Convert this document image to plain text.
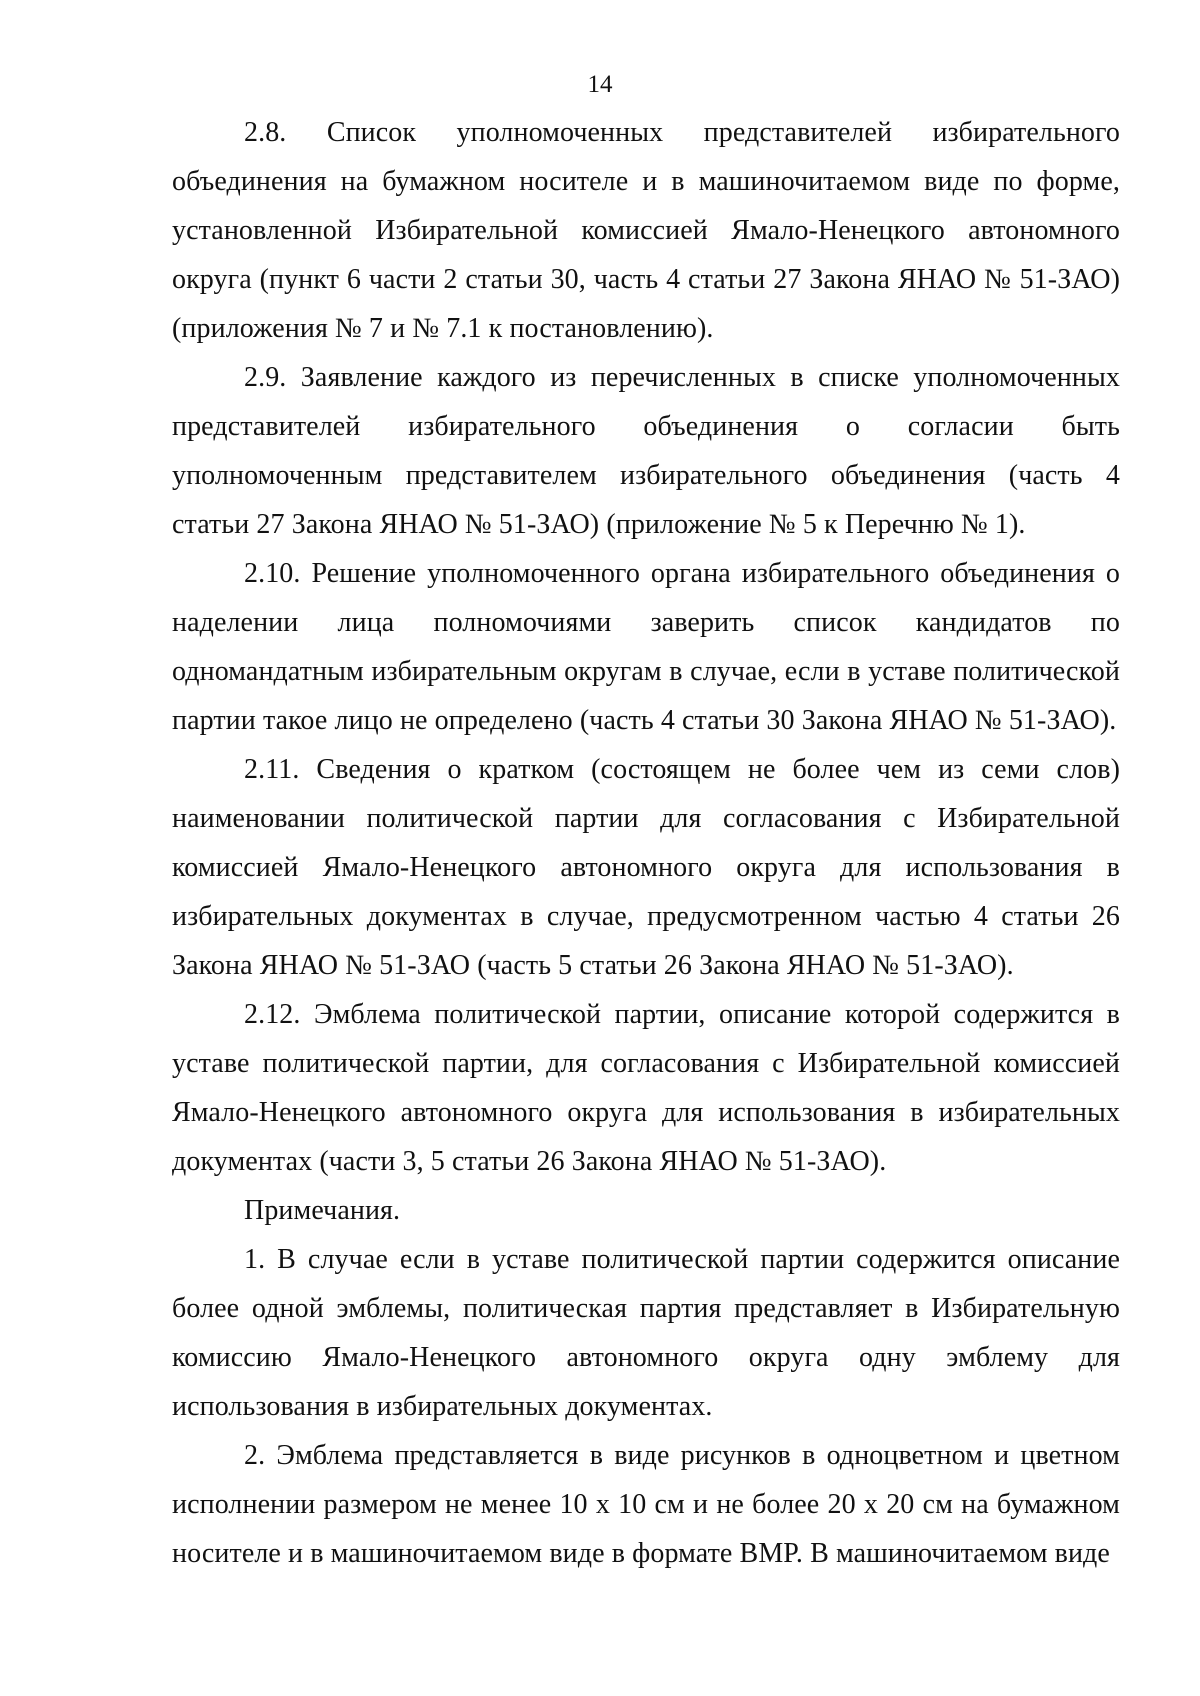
14

2.8. Список уполномоченных представителей избирательного объединения на бумажном носителе и в машиночитаемом виде по форме, установленной Избирательной комиссией Ямало-Ненецкого автономного округа (пункт 6 части 2 статьи 30, часть 4 статьи 27 Закона ЯНАО № 51-ЗАО) (приложения № 7 и № 7.1 к постановлению).

2.9. Заявление каждого из перечисленных в списке уполномоченных представителей избирательного объединения о согласии быть уполномоченным представителем избирательного объединения (часть 4 статьи 27 Закона ЯНАО № 51-ЗАО) (приложение № 5 к Перечню № 1).

2.10. Решение уполномоченного органа избирательного объединения о наделении лица полномочиями заверить список кандидатов по одномандатным избирательным округам в случае, если в уставе политической партии такое лицо не определено (часть 4 статьи 30 Закона ЯНАО № 51-ЗАО).

2.11. Сведения о кратком (состоящем не более чем из семи слов) наименовании политической партии для согласования с Избирательной комиссией Ямало-Ненецкого автономного округа для использования в избирательных документах в случае, предусмотренном частью 4 статьи 26 Закона ЯНАО № 51-ЗАО (часть 5 статьи 26 Закона ЯНАО № 51-ЗАО).

2.12. Эмблема политической партии, описание которой содержится в уставе политической партии, для согласования с Избирательной комиссией Ямало-Ненецкого автономного округа для использования в избирательных документах (части 3, 5 статьи 26 Закона ЯНАО № 51-ЗАО).

Примечания.

1. В случае если в уставе политической партии содержится описание более одной эмблемы, политическая партия представляет в Избирательную комиссию Ямало-Ненецкого автономного округа одну эмблему для использования в избирательных документах.

2. Эмблема представляется в виде рисунков в одноцветном и цветном исполнении размером не менее 10 х 10 см и не более 20 х 20 см на бумажном носителе и в машиночитаемом виде в формате BMP. В машиночитаемом виде
